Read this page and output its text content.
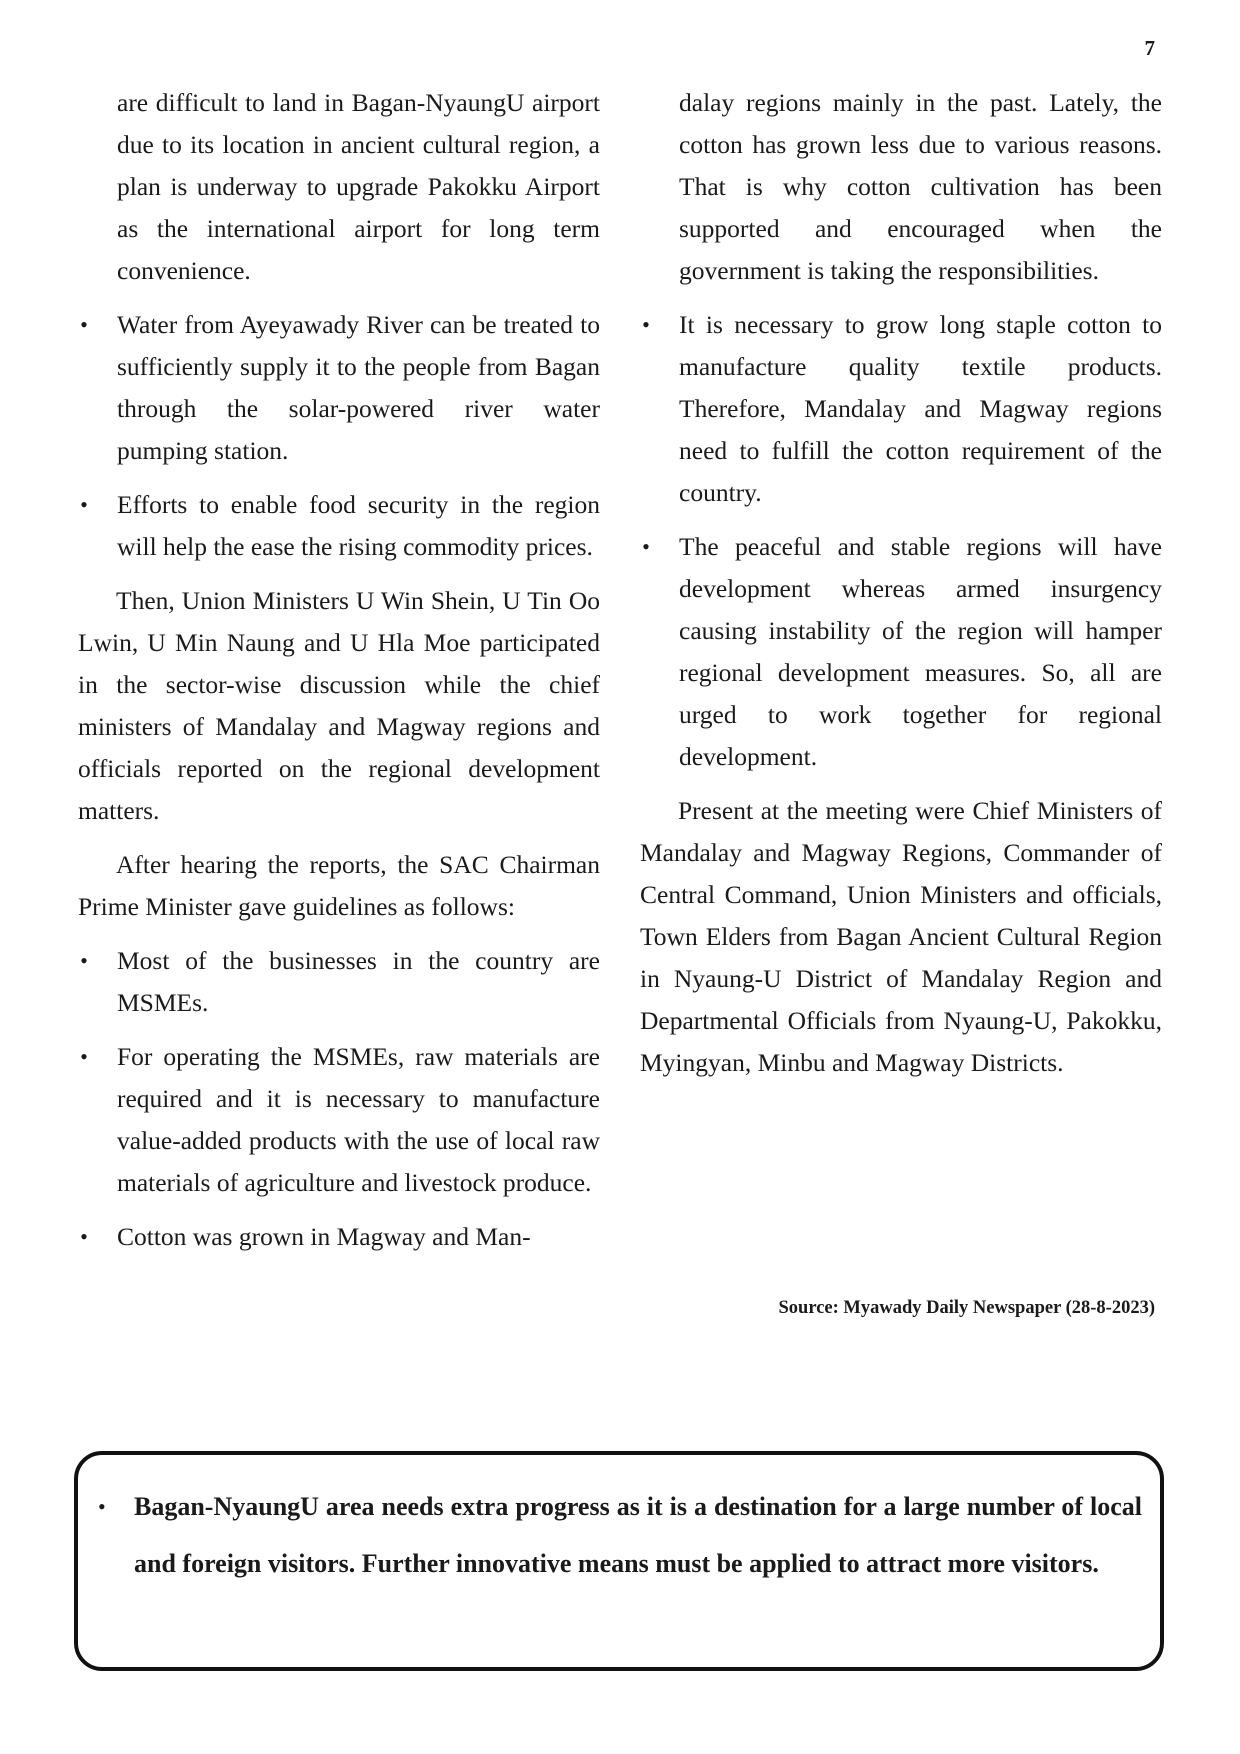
7

are difficult to land in Bagan-NyaungU airport due to its location in ancient cultural region, a plan is underway to upgrade Pakokku Airport as the international airport for long term convenience.

• Water from Ayeyawady River can be treated to sufficiently supply it to the people from Bagan through the solar-powered river water pumping station.
• Efforts to enable food security in the region will help the ease the rising commodity prices.

Then, Union Ministers U Win Shein, U Tin Oo Lwin, U Min Naung and U Hla Moe participated in the sector-wise discussion while the chief ministers of Mandalay and Magway regions and officials reported on the regional development matters.

After hearing the reports, the SAC Chairman Prime Minister gave guidelines as follows:

• Most of the businesses in the country are MSMEs.
• For operating the MSMEs, raw materials are required and it is necessary to manufacture value-added products with the use of local raw materials of agriculture and livestock produce.
• Cotton was grown in Magway and Man-

dalay regions mainly in the past. Lately, the cotton has grown less due to various reasons. That is why cotton cultivation has been supported and encouraged when the government is taking the responsibilities.

• It is necessary to grow long staple cotton to manufacture quality textile products. Therefore, Mandalay and Magway regions need to fulfill the cotton requirement of the country.
• The peaceful and stable regions will have development whereas armed insurgency causing instability of the region will hamper regional development measures. So, all are urged to work together for regional development.

Present at the meeting were Chief Ministers of Mandalay and Magway Regions, Commander of Central Command, Union Ministers and officials, Town Elders from Bagan Ancient Cultural Region in Nyaung-U District of Mandalay Region and Departmental Officials from Nyaung-U, Pakokku, Myingyan, Minbu and Magway Districts.

Source: Myawady Daily Newspaper (28-8-2023)
• Bagan-NyaungU area needs extra progress as it is a destination for a large number of local and foreign visitors. Further innovative means must be applied to attract more visitors.
